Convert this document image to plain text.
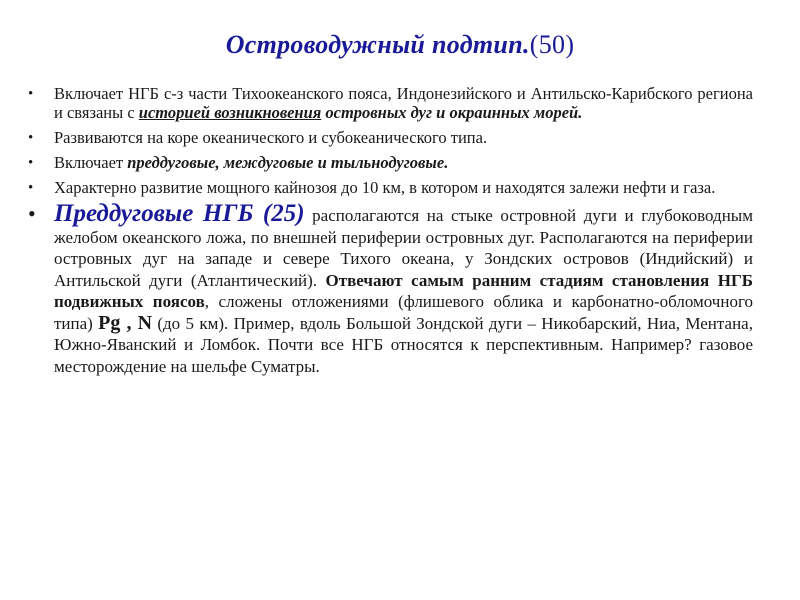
Островодужный подтип.(50)
• Включает НГБ с-з части Тихоокеанского пояса, Индонезийского и Антильско-Карибского региона и связаны с историей возникновения островных дуг и окраинных морей.
• Развиваются на коре океанического и субокеанического типа.
• Включает преддуговые, междуговые и тыльнодуговые.
• Характерно развитие мощного кайнозоя до 10 км, в котором и находятся залежи нефти и газа.
• Преддуговые НГБ (25) располагаются на стыке островной дуги и глубоководным желобом океанского ложа, по внешней периферии островных дуг. Располагаются на периферии островных дуг на западе и севере Тихого океана, у Зондских островов (Индийский) и Антильской дуги (Атлантический). Отвечают самым ранним стадиям становления НГБ подвижных поясов, сложены отложениями (флишевого облика и карбонатно-обломочного типа) Pg , N (до 5 км). Пример, вдоль Большой Зондской дуги – Никобарский, Ниа, Ментана, Южно-Яванский и Ломбок. Почти все НГБ относятся к перспективным. Например? газовое месторождение на шельфе Суматры.
